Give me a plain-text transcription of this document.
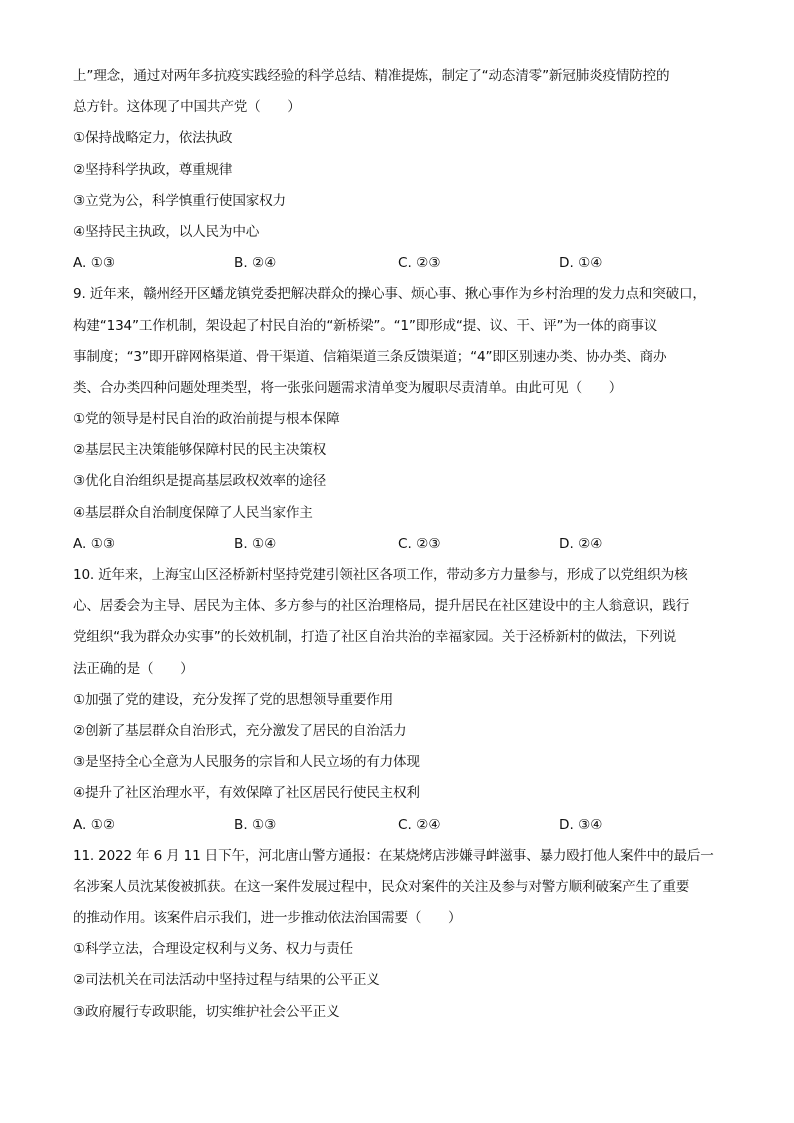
上”理念，通过对两年多抗疫实践经验的科学总结、精准提炼，制定了“动态清零”新冠肺炎疫情防控的
总方针。这体现了中国共产党（　　）
①保持战略定力，依法执政
②坚持科学执政，尊重规律
③立党为公，科学慎重行使国家权力
④坚持民主执政，以人民为中心
A. ①③	B. ②④	C. ②③	D. ①④
9. 近年来，赣州经开区蟠龙镇党委把解决群众的操心事、烦心事、揪心事作为乡村治理的发力点和突破口，
构建“134”工作机制，架设起了村民自治的“新桥梁”。“1”即形成“提、议、干、评”为一体的商事议
事制度；“3”即开辟网格渠道、骨干渠道、信箱渠道三条反馈渠道；“4”即区别速办类、协办类、商办
类、合办类四种问题处理类型，将一张张问题需求清单变为履职尽责清单。由此可见（　　）
①党的领导是村民自治的政治前提与根本保障
②基层民主决策能够保障村民的民主决策权
③优化自治组织是提高基层政权效率的途径
④基层群众自治制度保障了人民当家作主
A. ①③	B. ①④	C. ②③	D. ②④
10. 近年来，上海宝山区泾桥新村坚持党建引领社区各项工作，带动多方力量参与，形成了以党组织为核
心、居委会为主导、居民为主体、多方参与的社区治理格局，提升居民在社区建设中的主人翁意识，践行
党组织“我为群众办实事”的长效机制，打造了社区自治共治的幸福家园。关于泾桥新村的做法，下列说
法正确的是（　　）
①加强了党的建设，充分发挥了党的思想领导重要作用
②创新了基层群众自治形式，充分激发了居民的自治活力
③是坚持全心全意为人民服务的宗旨和人民立场的有力体现
④提升了社区治理水平，有效保障了社区居民行使民主权利
A. ①②	B. ①③	C. ②④	D. ③④
11. 2022 年 6 月 11 日下午，河北唐山警方通报：在某烧烤店涉嫌寻衅滋事、暴力殴打他人案件中的最后一
名涉案人员沈某俊被抓获。在这一案件发展过程中，民众对案件的关注及参与对警方顺利破案产生了重要
的推动作用。该案件启示我们，进一步推动依法治国需要（　　）
①科学立法，合理设定权利与义务、权力与责任
②司法机关在司法活动中坚持过程与结果的公平正义
③政府履行专政职能，切实维护社会公平正义
